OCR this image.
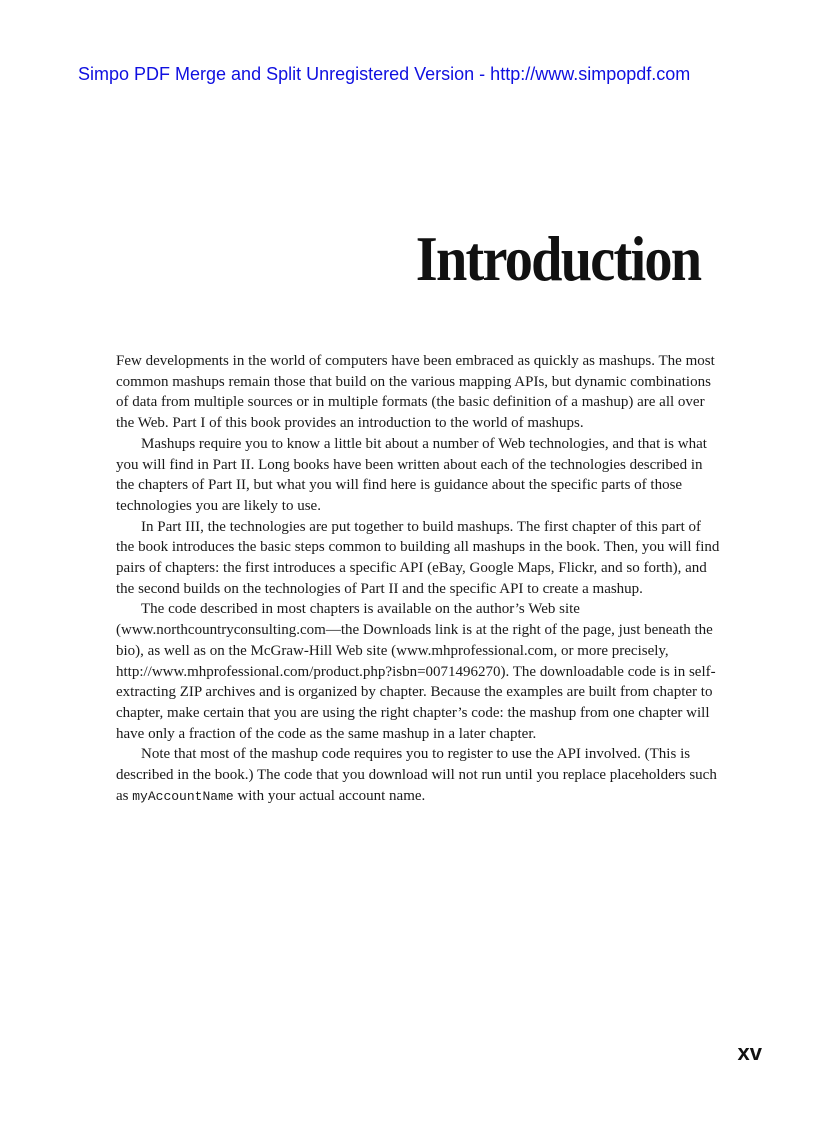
Simpo PDF Merge and Split Unregistered Version - http://www.simpopdf.com
Introduction

Few developments in the world of computers have been embraced as quickly as mashups. The most common mashups remain those that build on the various mapping APIs, but dynamic combinations of data from multiple sources or in multiple formats (the basic definition of a mashup) are all over the Web. Part I of this book provides an introduction to the world of mashups.

Mashups require you to know a little bit about a number of Web technologies, and that is what you will find in Part II. Long books have been written about each of the technologies described in the chapters of Part II, but what you will find here is guidance about the specific parts of those technologies you are likely to use.

In Part III, the technologies are put together to build mashups. The first chapter of this part of the book introduces the basic steps common to building all mashups in the book. Then, you will find pairs of chapters: the first introduces a specific API (eBay, Google Maps, Flickr, and so forth), and the second builds on the technologies of Part II and the specific API to create a mashup.

The code described in most chapters is available on the author’s Web site (www.northcountryconsulting.com—the Downloads link is at the right of the page, just beneath the bio), as well as on the McGraw-Hill Web site (www.mhprofessional.com, or more precisely, http://www.mhprofessional.com/product.php?isbn=0071496270). The downloadable code is in self-extracting ZIP archives and is organized by chapter. Because the examples are built from chapter to chapter, make certain that you are using the right chapter’s code: the mashup from one chapter will have only a fraction of the code as the same mashup in a later chapter.

Note that most of the mashup code requires you to register to use the API involved. (This is described in the book.) The code that you download will not run until you replace placeholders such as myAccountName with your actual account name.

xv
